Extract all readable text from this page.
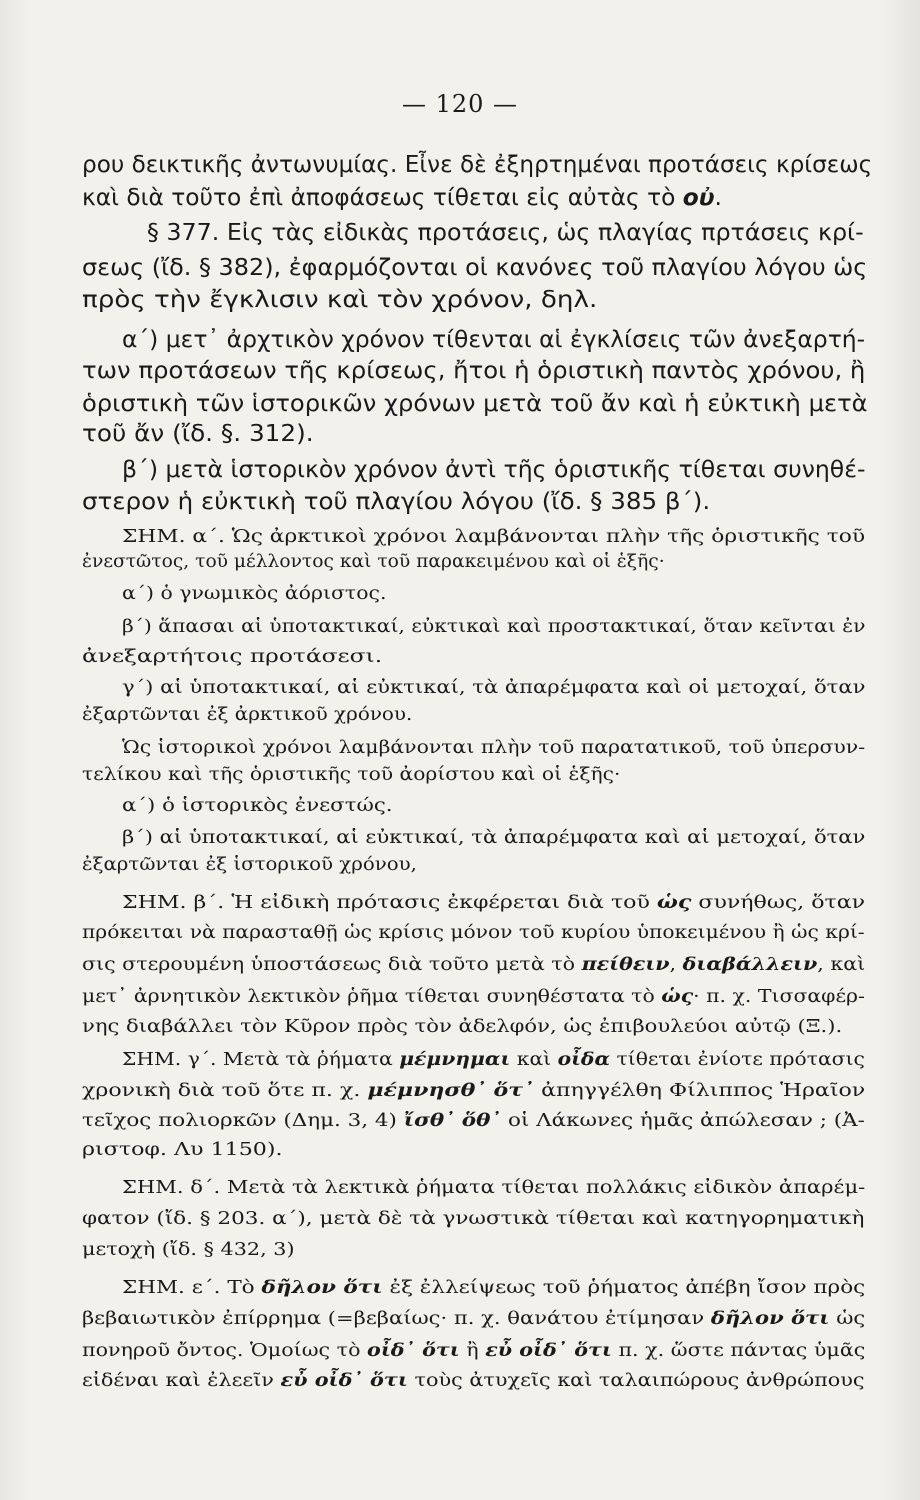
— 120 —
ρου δεικτικῆς ἀντωνυμίας. Εἶνε δὲ ἐξηρτημέναι προτάσεις κρίσεως
καὶ διὰ τοῦτο ἐπὶ ἀποφάσεως τίθεται εἰς αὐτὰς τὸ οὐ.
§ 377. Εἰς τὰς εἰδικὰς προτάσεις, ὡς πλαγίας πρτάσεις κρί-
σεως (ἴδ. § 382), ἐφαρμόζονται οἱ κανόνες τοῦ πλαγίου λόγου ὡς
πρὸς τὴν ἔγκλισιν καὶ τὸν χρόνον, δηλ.
α΄) μετ᾽ ἀρχτικὸν χρόνον τίθενται αἱ ἐγκλίσεις τῶν ἀνεξαρτή-
των προτάσεων τῆς κρίσεως, ἤτοι ἡ ὁριστικὴ παντὸς χρόνου, ἢ
ὁριστικὴ τῶν ἱστορικῶν χρόνων μετὰ τοῦ ἄν καὶ ἡ εὐκτικὴ μετὰ
τοῦ ἄν (ἴδ. §. 312).
β΄) μετὰ ἱστορικὸν χρόνον ἀντὶ τῆς ὁριστικῆς τίθεται συνηθέ-
στερον ἡ εὐκτικὴ τοῦ πλαγίου λόγου (ἴδ. § 385 β΄).
ΣΗΜ. α΄. Ὡς ἀρκτικοὶ χρόνοι λαμβάνονται πλὴν τῆς ὁριστικῆς τοῦ
ἐνεστῶτος, τοῦ μέλλοντος καὶ τοῦ παρακειμένου καὶ οἱ ἑξῆς·
α΄) ὁ γνωμικὸς ἀόριστος.
β΄) ἅπασαι αἱ ὑποτακτικαί, εὐκτικαὶ καὶ προστακτικαί, ὅταν κεῖνται ἐν
ἀνεξαρτήτοις προτάσεσι.
γ΄) αἱ ὑποτακτικαί, αἱ εὐκτικαί, τὰ ἀπαρέμφατα καὶ οἱ μετοχαί, ὅταν
ἐξαρτῶνται ἐξ ἀρκτικοῦ χρόνου.
Ὡς ἱστορικοὶ χρόνοι λαμβάνονται πλὴν τοῦ παρατατικοῦ, τοῦ ὑπερσυν-
τελίκου καὶ τῆς ὁριστικῆς τοῦ ἀορίστου καὶ οἱ ἑξῆς·
α΄) ὁ ἱστορικὸς ἐνεστώς.
β΄) αἱ ὑποτακτικαί, αἱ εὐκτικαί, τὰ ἀπαρέμφατα καὶ αἱ μετοχαί, ὅταν
ἐξαρτῶνται ἐξ ἱστορικοῦ χρόνου,
ΣΗΜ. β΄. Ἡ εἰδικὴ πρότασις ἐκφέρεται διὰ τοῦ ὡς συνήθως, ὅταν
πρόκειται νὰ παρασταθῇ ὡς κρίσις μόνον τοῦ κυρίου ὑποκειμένου ἢ ὡς κρί-
σις στερουμένη ὑποστάσεως διὰ τοῦτο μετὰ τὸ πείθειν, διαβάλλειν, καὶ
μετ᾽ ἀρνητικὸν λεκτικὸν ῥῆμα τίθεται συνηθέστατα τὸ ὡς· π. χ. Τισσαφέρ-
νης διαβάλλει τὸν Κῦρον πρὸς τὸν ἀδελφόν, ὡς ἐπιβουλεύοι αὐτῷ (Ξ.).
ΣΗΜ. γ΄. Μετὰ τὰ ῥήματα μέμνημαι καὶ οἶδα τίθεται ἐνίοτε πρότασις
χρονικὴ διὰ τοῦ ὅτε π. χ. μέμνησθ᾽ ὅτ᾽ ἀπηγγέλθη Φίλιππος Ἡραῖον
τεῖχος πολιορκῶν (Δημ. 3, 4) ἴσθ᾽ ὅθ᾽ οἱ Λάκωνες ἡμᾶς ἀπώλεσαν ; (Ἀ-
ριστοφ. Λυ 1150).
ΣΗΜ. δ΄. Μετὰ τὰ λεκτικὰ ῥήματα τίθεται πολλάκις εἰδικὸν ἀπαρέμ-
φατον (ἴδ. § 203. α΄), μετὰ δὲ τὰ γνωστικὰ τίθεται καὶ κατηγορηματικὴ
μετοχὴ (ἴδ. § 432, 3)
ΣΗΜ. ε΄. Τὸ δῆλον ὅτι ἐξ ἐλλείψεως τοῦ ῥήματος ἀπέβη ἴσον πρὸς
βεβαιωτικὸν ἐπίρρημα (=βεβαίως· π. χ. θανάτου ἐτίμησαν δῆλον ὅτι ὡς
πονηροῦ ὄντος. Ὁμοίως τὸ οἶδ᾽ ὅτι ἢ εὖ οἶδ᾽ ὅτι π. χ. ὥστε πάντας ὑμᾶς
εἰδέναι καὶ ἐλεεῖν εὖ οἶδ᾽ ὅτι τοὺς ἀτυχεῖς καὶ ταλαιπώρους ἀνθρώπους
